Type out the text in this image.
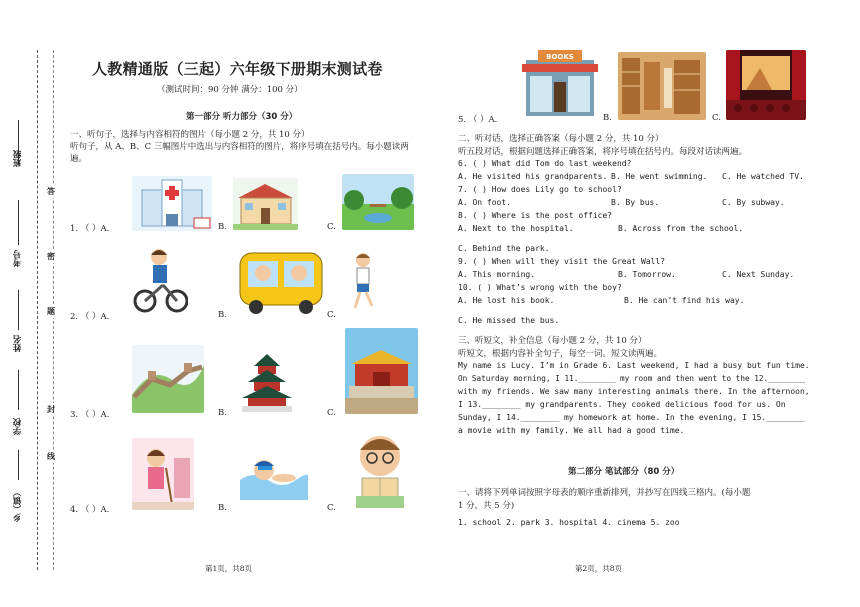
班级
考号
姓名
学校
乡（镇）
答
密
题
封
线
人教精通版（三起）六年级下册期末测试卷
（测试时间：90 分钟 满分：100 分）
第一部分 听力部分（30 分）
一、听句子，选择与内容相符的图片（每小题 2 分，共 10 分）
听句子，从 A、B、C 三幅图片中选出与内容相符的图片，将序号填在括号内。每小题读两遍。
1. （ ）A.	B.	C.
2. （ ）A.	B.	C.
3. （ ）A.	B.	C.
4. （ ）A.	B.	C.
5. （ ）A.
BOOKS
B.	C.
二、听对话，选择正确答案（每小题 2 分，共 10 分）
听五段对话，根据问题选择正确答案，将序号填在括号内。每段对话读两遍。
6. ( ) What did Tom do last weekend?
A. He visited his grandparents. B. He went swimming. C. He watched TV.
7. ( ) How does Lily go to school?
A. On foot.	B. By bus.	C. By subway.
8. ( ) Where is the post office?
A. Next to the hospital.	B. Across from the school.
C. Behind the park.
9. ( ) When will they visit the Great Wall?
A. This morning.	B. Tomorrow.	C. Next Sunday.
10. ( ) What’s wrong with the boy?
A. He lost his book.	B. He can’t find his way.
C. He missed the bus.
三、听短文，补全信息（每小题 2 分，共 10 分）
听短文，根据内容补全句子，每空一词。短文读两遍。
My name is Lucy. I’m in Grade 6. Last weekend, I had a busy but fun time.
On Saturday morning, I 11.________ my room and then went to the 12.________
with my friends. We saw many interesting animals there. In the afternoon,
I 13.________ my grandparents. They cooked delicious food for us. On
Sunday, I 14.________ my homework at home. In the evening, I 15.________
a movie with my family. We all had a good time.
第二部分 笔试部分（80 分）
一、请将下列单词按照字母表的顺序重新排列，并抄写在四线三格内。(每小题
1 分，共 5 分)
1. school 2. park 3. hospital 4. cinema 5. zoo
第1页，共8页	第2页，共8页
